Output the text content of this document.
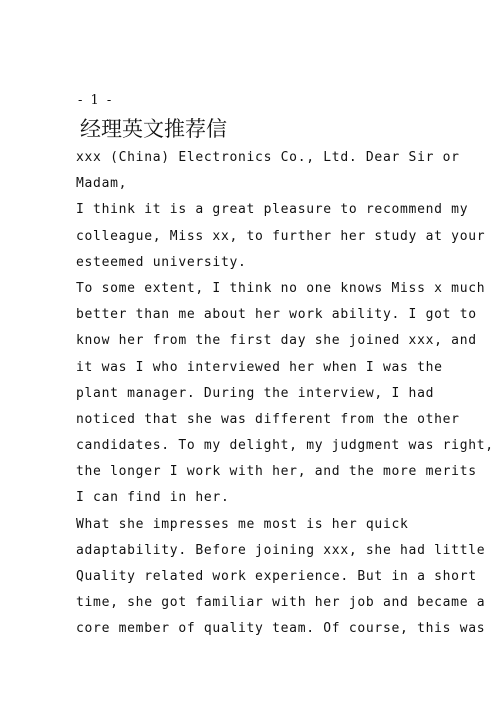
- 1 -
经理英文推荐信
xxx (China) Electronics Co., Ltd. Dear Sir or
Madam,
I think it is a great pleasure to recommend my
colleague, Miss xx, to further her study at your
esteemed university.
To some extent, I think no one knows Miss x much
better than me about her work ability. I got to
know her from the first day she joined xxx, and
it was I who interviewed her when I was the
plant manager. During the interview, I had
noticed that she was different from the other
candidates. To my delight, my judgment was right,
the longer I work with her, and the more merits
I can find in her.
What she impresses me most is her quick
adaptability. Before joining xxx, she had little
Quality related work experience. But in a short
time, she got familiar with her job and became a
core member of quality team. Of course, this was
